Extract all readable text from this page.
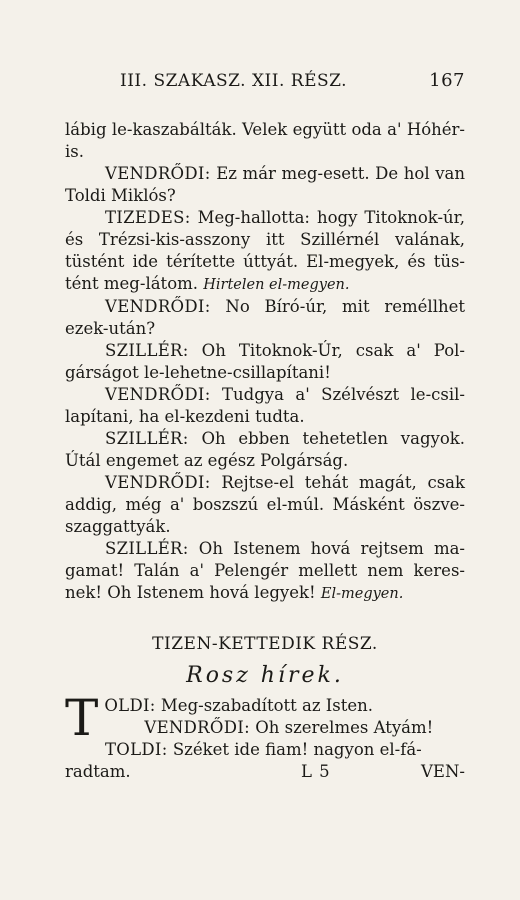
III. SZAKASZ. XII. RÉSZ.	167

lábig le-kaszabálták. Velek együtt oda a' Hóhér-is.

VENDRŐDI: Ez már meg-esett. De hol van Toldi Miklós?

TIZEDES: Meg-hallotta: hogy Titoknok-úr, és Trézsi-kis-asszony itt Szillérnél valának, tüstént ide térítette úttyát. El-megyek, és tüs-tént meg-látom. Hirtelen el-megyen.

VENDRŐDI: No Bíró-úr, mit reméllhet ezek-után?

SZILLÉR: Oh Titoknok-Úr, csak a' Pol-gárságot le-lehetne-csillapítani!

VENDRŐDI: Tudgya a' Szélvészt le-csil-lapítani, ha el-kezdeni tudta.

SZILLÉR: Oh ebben tehetetlen vagyok. Útál engemet az egész Polgárság.

VENDRŐDI: Rejtse-el tehát magát, csak addig, még a' boszszú el-múl. Másként öszve-szaggattyák.

SZILLÉR: Oh Istenem hová rejtsem ma-gamat! Talán a' Pelengér mellett nem keres-nek! Oh Istenem hová legyek! El-megyen.

TIZEN-KETTEDIK RÉSZ.
Rosz hírek.

TOLDI: Meg-szabadított az Isten.

VENDRŐDI: Oh szerelmes Atyám!

TOLDI: Széket ide fiam! nagyon el-fá-

radtam.	L 5	VEN-
